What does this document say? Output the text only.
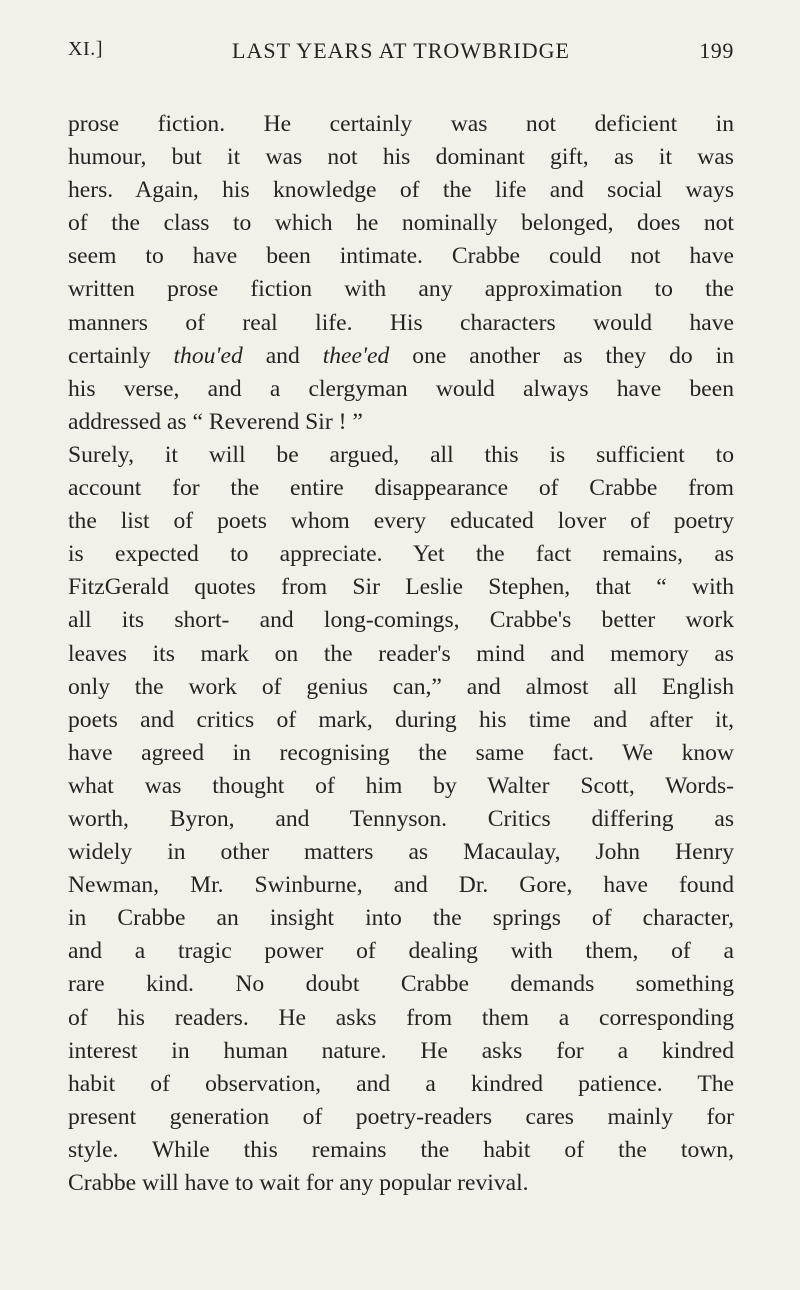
XI.]	LAST YEARS AT TROWBRIDGE	199

prose fiction. He certainly was not deficient in
humour, but it was not his dominant gift, as it was
hers. Again, his knowledge of the life and social ways
of the class to which he nominally belonged, does not
seem to have been intimate. Crabbe could not have
written prose fiction with any approximation to the
manners of real life. His characters would have
certainly thou'ed and thee'ed one another as they do in
his verse, and a clergyman would always have been
addressed as “ Reverend Sir ! ”

Surely, it will be argued, all this is sufficient to
account for the entire disappearance of Crabbe from
the list of poets whom every educated lover of poetry
is expected to appreciate. Yet the fact remains, as
FitzGerald quotes from Sir Leslie Stephen, that “ with
all its short- and long-comings, Crabbe's better work
leaves its mark on the reader's mind and memory as
only the work of genius can,” and almost all English
poets and critics of mark, during his time and after it,
have agreed in recognising the same fact. We know
what was thought of him by Walter Scott, Words-
worth, Byron, and Tennyson. Critics differing as
widely in other matters as Macaulay, John Henry
Newman, Mr. Swinburne, and Dr. Gore, have found
in Crabbe an insight into the springs of character,
and a tragic power of dealing with them, of a
rare kind. No doubt Crabbe demands something
of his readers. He asks from them a corresponding
interest in human nature. He asks for a kindred
habit of observation, and a kindred patience. The
present generation of poetry-readers cares mainly for
style. While this remains the habit of the town,
Crabbe will have to wait for any popular revival.
